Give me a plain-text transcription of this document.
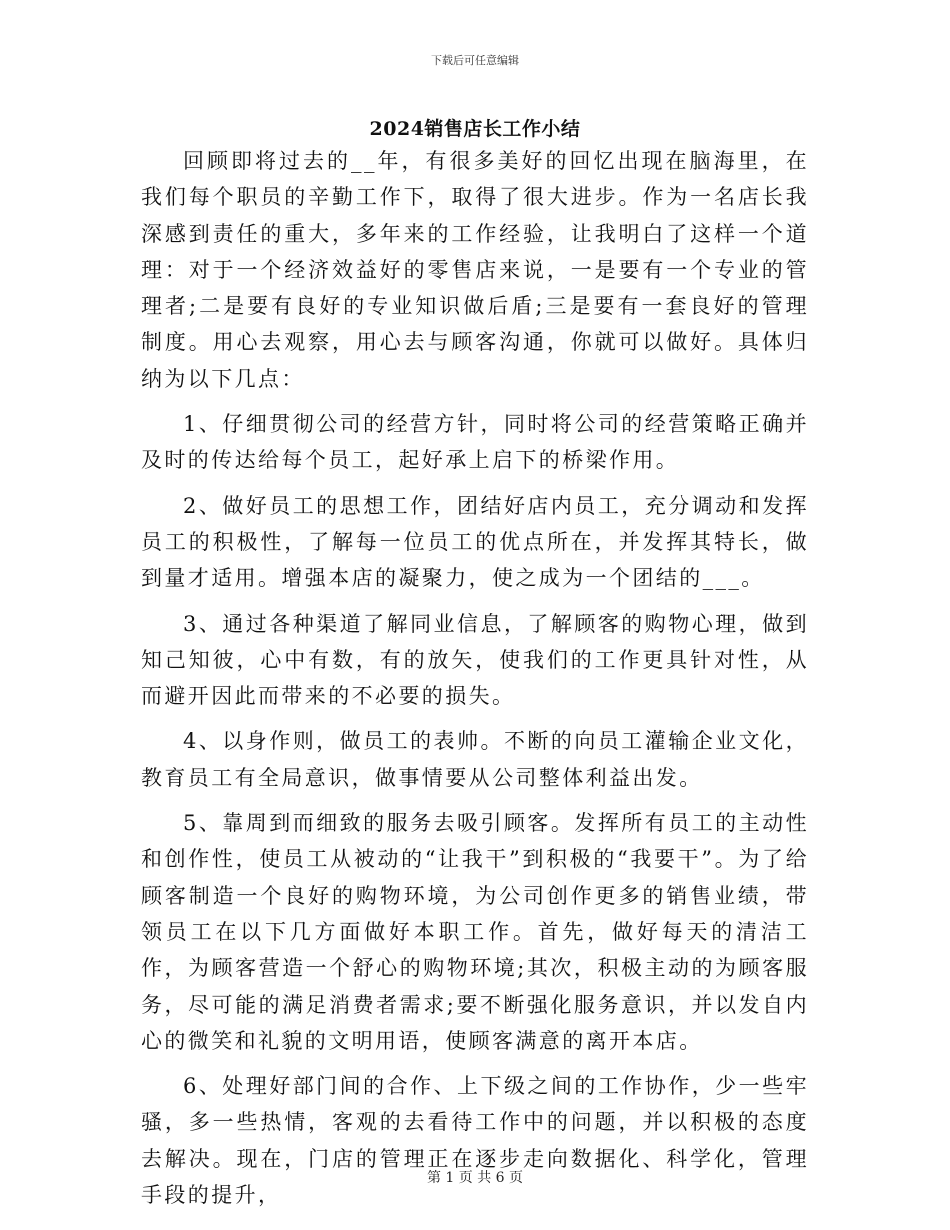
下载后可任意编辑
2024销售店长工作小结

回顾即将过去的__年，有很多美好的回忆出现在脑海里，在我们每个职员的辛勤工作下，取得了很大进步。作为一名店长我深感到责任的重大，多年来的工作经验，让我明白了这样一个道理：对于一个经济效益好的零售店来说，一是要有一个专业的管理者;二是要有良好的专业知识做后盾;三是要有一套良好的管理制度。用心去观察，用心去与顾客沟通，你就可以做好。具体归纳为以下几点：

1、仔细贯彻公司的经营方针，同时将公司的经营策略正确并及时的传达给每个员工，起好承上启下的桥梁作用。

2、做好员工的思想工作，团结好店内员工，充分调动和发挥员工的积极性，了解每一位员工的优点所在，并发挥其特长，做到量才适用。增强本店的凝聚力，使之成为一个团结的___。

3、通过各种渠道了解同业信息，了解顾客的购物心理，做到知己知彼，心中有数，有的放矢，使我们的工作更具针对性，从而避开因此而带来的不必要的损失。

4、以身作则，做员工的表帅。不断的向员工灌输企业文化，教育员工有全局意识，做事情要从公司整体利益出发。

5、靠周到而细致的服务去吸引顾客。发挥所有员工的主动性和创作性，使员工从被动的“让我干”到积极的“我要干”。为了给顾客制造一个良好的购物环境，为公司创作更多的销售业绩，带领员工在以下几方面做好本职工作。首先，做好每天的清洁工作，为顾客营造一个舒心的购物环境;其次，积极主动的为顾客服务，尽可能的满足消费者需求;要不断强化服务意识，并以发自内心的微笑和礼貌的文明用语，使顾客满意的离开本店。

6、处理好部门间的合作、上下级之间的工作协作，少一些牢骚，多一些热情，客观的去看待工作中的问题，并以积极的态度去解决。现在，门店的管理正在逐步走向数据化、科学化，管理手段的提升，

第 1 页 共 6 页
